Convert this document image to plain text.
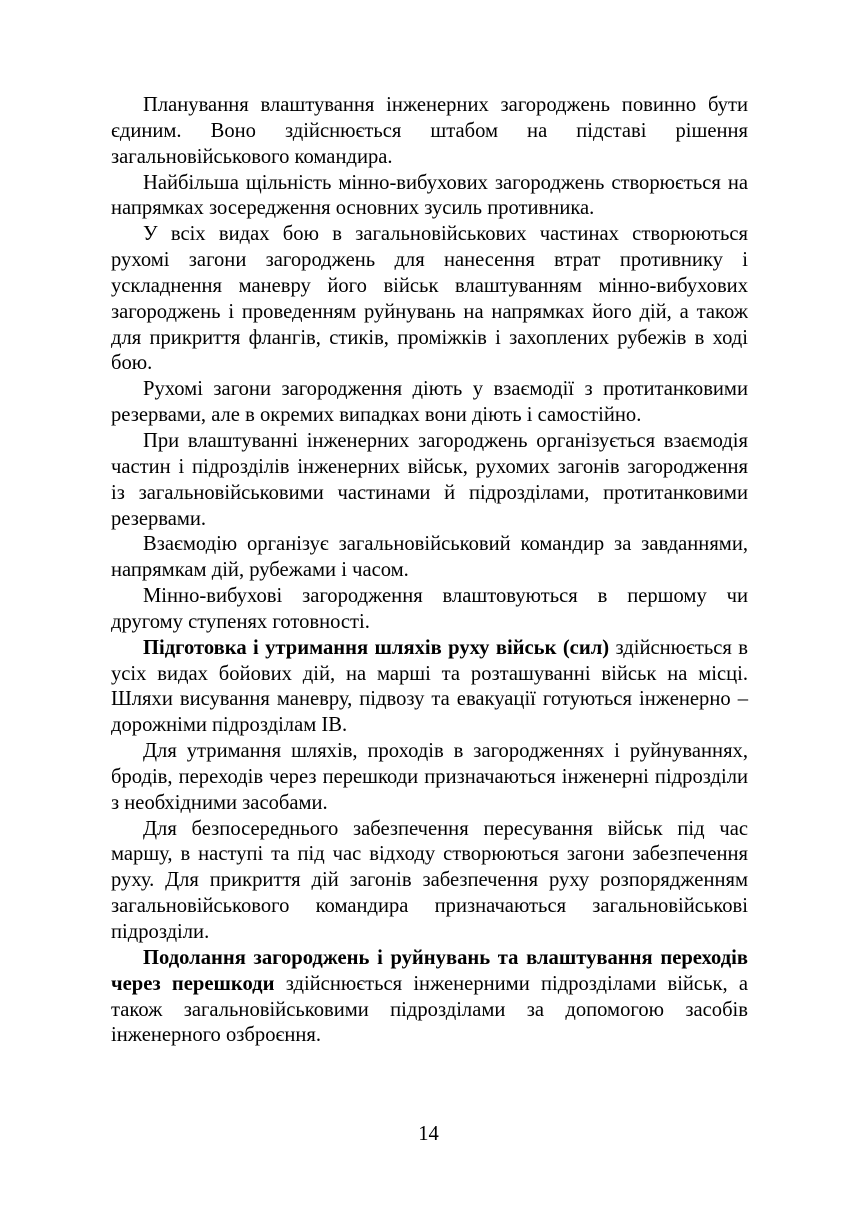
Планування влаштування інженерних загороджень повинно бути єдиним. Воно здійснюється штабом на підставі рішення загальновійськового командира.

Найбільша щільність мінно-вибухових загороджень створюється на напрямках зосередження основних зусиль противника.

У всіх видах бою в загальновійськових частинах створюються рухомі загони загороджень для нанесення втрат противнику і ускладнення маневру його військ влаштуванням мінно-вибухових загороджень і проведенням руйнувань на напрямках його дій, а також для прикриття флангів, стиків, проміжків і захоплених рубежів в ході бою.

Рухомі загони загородження діють у взаємодії з протитанковими резервами, але в окремих випадках вони діють і самостійно.

При влаштуванні інженерних загороджень організується взаємодія частин і підрозділів інженерних військ, рухомих загонів загородження із загальновійськовими частинами й підрозділами, протитанковими резервами.

Взаємодію організує загальновійськовий командир за завданнями, напрямкам дій, рубежами і часом.

Мінно-вибухові загородження влаштовуються в першому чи другому ступенях готовності.

Підготовка і утримання шляхів руху військ (сил) здійснюється в усіх видах бойових дій, на марші та розташуванні військ на місці. Шляхи висування маневру, підвозу та евакуації готуються інженерно – дорожніми підрозділам ІВ.

Для утримання шляхів, проходів в загородженнях і руйнуваннях, бродів, переходів через перешкоди призначаються інженерні підрозділи з необхідними засобами.

Для безпосереднього забезпечення пересування військ під час маршу, в наступі та під час відходу створюються загони забезпечення руху. Для прикриття дій загонів забезпечення руху розпорядженням загальновійськового командира призначаються загальновійськові підрозділи.

Подолання загороджень і руйнувань та влаштування переходів через перешкоди здійснюється інженерними підрозділами військ, а також загальновійськовими підрозділами за допомогою засобів інженерного озброєння.

14
